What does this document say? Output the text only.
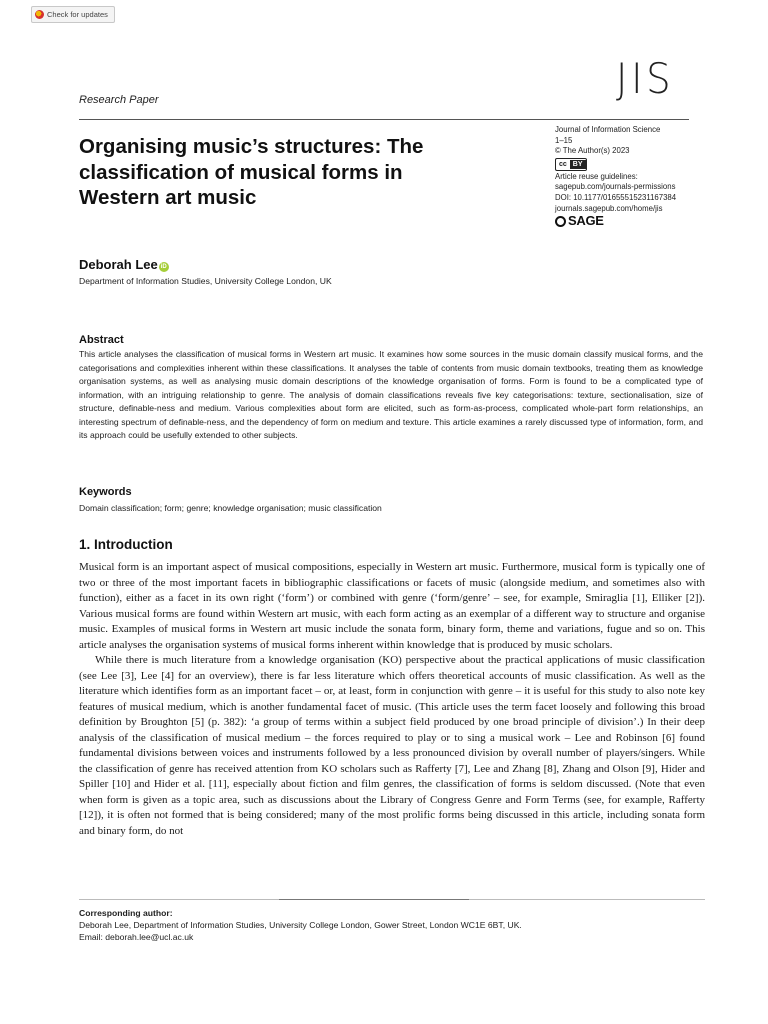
Check for updates
JIS
Research Paper
Organising music’s structures: The classification of musical forms in Western art music
Journal of Information Science
1–15
© The Author(s) 2023
cc BY
Article reuse guidelines:
sagepub.com/journals-permissions
DOI: 10.1177/01655515231167384
journals.sagepub.com/home/jis
SAGE
Deborah Lee iD
Department of Information Studies, University College London, UK
Abstract

This article analyses the classification of musical forms in Western art music. It examines how some sources in the music domain classify musical forms, and the categorisations and complexities inherent within these classifications. It analyses the table of contents from music domain textbooks, treating them as knowledge organisation systems, as well as analysing music domain descriptions of the knowledge organisation of forms. Form is found to be a complicated type of information, with an intriguing relationship to genre. The analysis of domain classifications reveals five key categorisations: texture, sectionalisation, size of structure, definable-ness and medium. Various complexities about form are elicited, such as form-as-process, complicated whole-part form relationships, an interesting spectrum of definable-ness, and the dependency of form on medium and texture. This article examines a rarely discussed type of information, form, and its approach could be usefully extended to other subjects.

Keywords
Domain classification; form; genre; knowledge organisation; music classification
1. Introduction

Musical form is an important aspect of musical compositions, especially in Western art music. Furthermore, musical form is typically one of two or three of the most important facets in bibliographic classifications or facets of music (alongside medium, and sometimes also with function), either as a facet in its own right (‘form’) or combined with genre (‘form/genre’ – see, for example, Smiraglia [1], Elliker [2]). Various musical forms are found within Western art music, with each form acting as an exemplar of a different way to structure and organise music. Examples of musical forms in Western art music include the sonata form, binary form, theme and variations, fugue and so on. This article analyses the organisation systems of musical forms inherent within knowledge that is produced by music scholars.

While there is much literature from a knowledge organisation (KO) perspective about the practical applications of music classification (see Lee [3], Lee [4] for an overview), there is far less literature which offers theoretical accounts of music classification. As well as the literature which identifies form as an important facet – or, at least, form in conjunction with genre – it is useful for this study to also note key features of musical medium, which is another fundamental facet of music. (This article uses the term facet loosely and following this broad definition by Broughton [5] (p. 382): ‘a group of terms within a subject field produced by one broad principle of division’.) In their deep analysis of the classification of musical medium – the forces required to play or to sing a musical work – Lee and Robinson [6] found fundamental divisions between voices and instruments followed by a less pronounced division by overall number of players/singers. While the classification of genre has received attention from KO scholars such as Rafferty [7], Lee and Zhang [8], Zhang and Olson [9], Hider and Spiller [10] and Hider et al. [11], especially about fiction and film genres, the classification of forms is seldom discussed. (Note that even when form is given as a topic area, such as discussions about the Library of Congress Genre and Form Terms (see, for example, Rafferty [12]), it is often not formed that is being considered; many of the most prolific forms being discussed in this article, including sonata form and binary form, do not

Corresponding author:
Deborah Lee, Department of Information Studies, University College London, Gower Street, London WC1E 6BT, UK.
Email: deborah.lee@ucl.ac.uk
